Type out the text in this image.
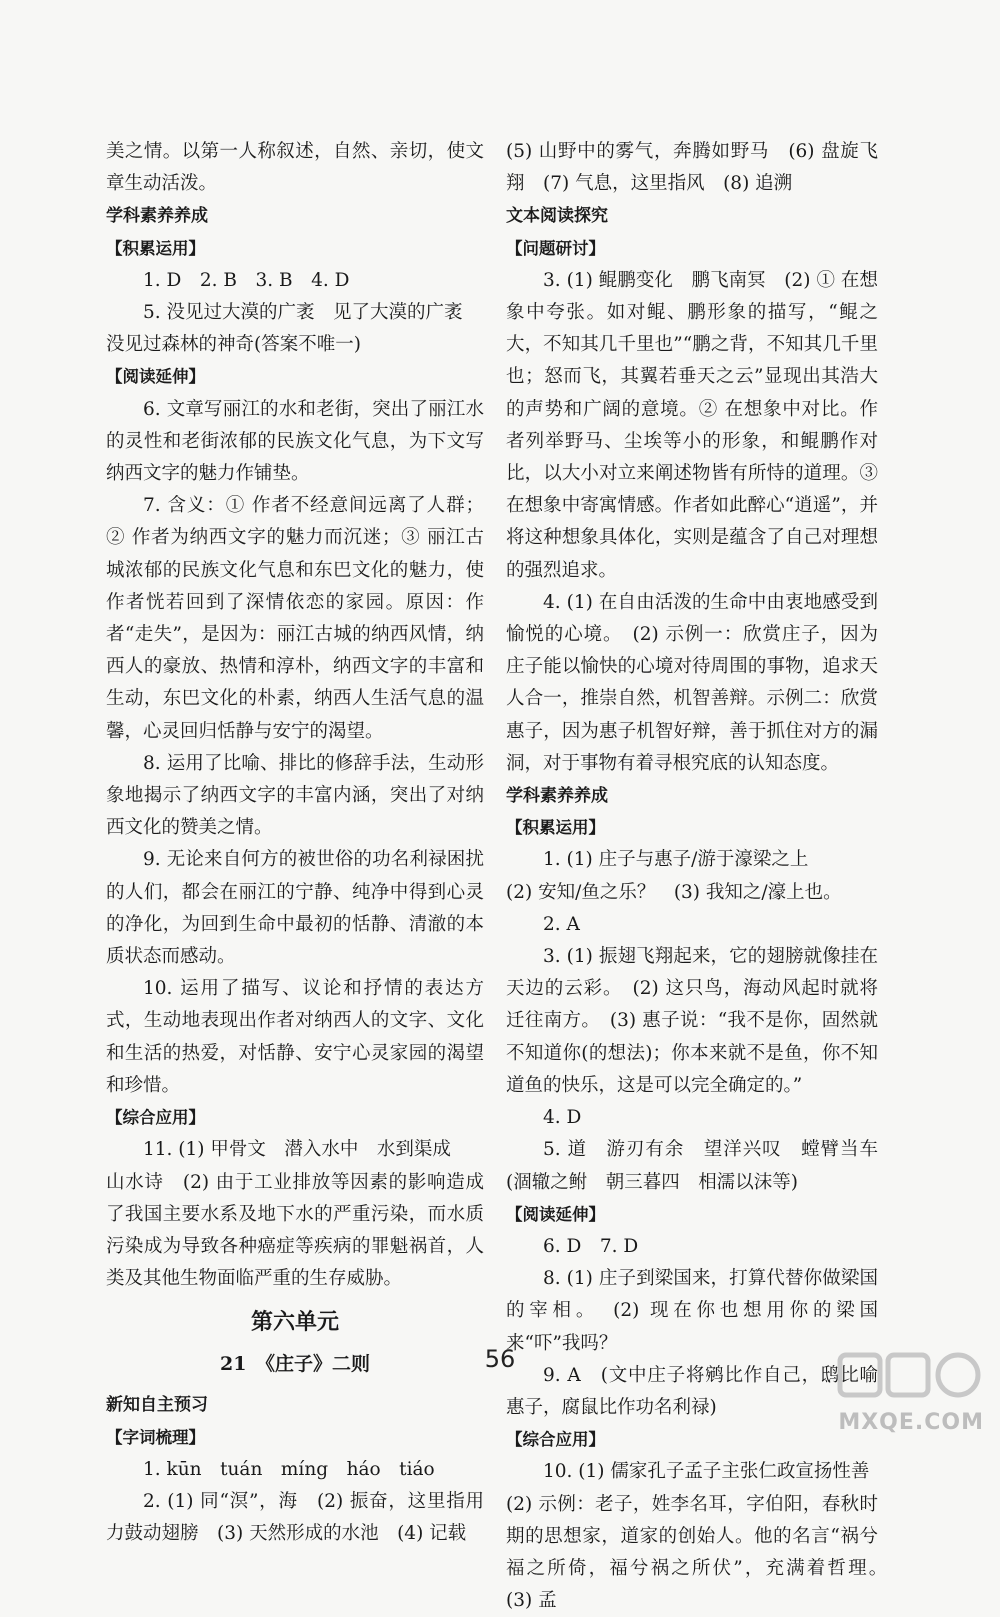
美之情。以第一人称叙述，自然、亲切，使文章生动活泼。
学科素养养成
【积累运用】
1. D　2. B　3. B　4. D
5. 没见过大漠的广袤　见了大漠的广袤
没见过森林的神奇(答案不唯一)
【阅读延伸】
6. 文章写丽江的水和老街，突出了丽江水的灵性和老街浓郁的民族文化气息，为下文写纳西文字的魅力作铺垫。
7. 含义：① 作者不经意间远离了人群；② 作者为纳西文字的魅力而沉迷；③ 丽江古城浓郁的民族文化气息和东巴文化的魅力，使作者恍若回到了深情依恋的家园。原因：作者“走失”，是因为：丽江古城的纳西风情，纳西人的豪放、热情和淳朴，纳西文字的丰富和生动，东巴文化的朴素，纳西人生活气息的温馨，心灵回归恬静与安宁的渴望。
8. 运用了比喻、排比的修辞手法，生动形象地揭示了纳西文字的丰富内涵，突出了对纳西文化的赞美之情。
9. 无论来自何方的被世俗的功名利禄困扰的人们，都会在丽江的宁静、纯净中得到心灵的净化，为回到生命中最初的恬静、清澈的本质状态而感动。
10. 运用了描写、议论和抒情的表达方式，生动地表现出作者对纳西人的文字、文化和生活的热爱，对恬静、安宁心灵家园的渴望和珍惜。
【综合应用】
11. (1) 甲骨文　潜入水中　水到渠成
山水诗　(2) 由于工业排放等因素的影响造成了我国主要水系及地下水的严重污染，而水质污染成为导致各种癌症等疾病的罪魁祸首，人类及其他生物面临严重的生存威胁。
第六单元
21　《庄子》二则
新知自主预习
【字词梳理】
1. kūn　tuán　míng　háo　tiáo
2. (1) 同“溟”，海　(2) 振奋，这里指用力鼓动翅膀　(3) 天然形成的水池　(4) 记载
(5) 山野中的雾气，奔腾如野马　(6) 盘旋飞翔　(7) 气息，这里指风　(8) 追溯
文本阅读探究
【问题研讨】
3. (1) 鲲鹏变化　鹏飞南冥　(2) ① 在想象中夸张。如对鲲、鹏形象的描写，“鲲之大，不知其几千里也”“鹏之背，不知其几千里也；怒而飞，其翼若垂天之云”显现出其浩大的声势和广阔的意境。② 在想象中对比。作者列举野马、尘埃等小的形象，和鲲鹏作对比，以大小对立来阐述物皆有所恃的道理。③ 在想象中寄寓情感。作者如此醉心“逍遥”，并将这种想象具体化，实则是蕴含了自己对理想的强烈追求。
4. (1) 在自由活泼的生命中由衷地感受到愉悦的心境。　(2) 示例一：欣赏庄子，因为庄子能以愉快的心境对待周围的事物，追求天人合一，推崇自然，机智善辩。示例二：欣赏惠子，因为惠子机智好辩，善于抓住对方的漏洞，对于事物有着寻根究底的认知态度。
学科素养养成
【积累运用】
1. (1) 庄子与惠子/游于濠梁之上
(2) 安知/鱼之乐？　(3) 我知之/濠上也。
2. A
3. (1) 振翅飞翔起来，它的翅膀就像挂在天边的云彩。　(2) 这只鸟，海动风起时就将迁往南方。　(3) 惠子说：“我不是你，固然就不知道你(的想法)；你本来就不是鱼，你不知道鱼的快乐，这是可以完全确定的。”
4. D
5. 道　游刃有余　望洋兴叹　螳臂当车(涸辙之鲋　朝三暮四　相濡以沫等)
【阅读延伸】
6. D　7. D
8. (1) 庄子到梁国来，打算代替你做梁国的宰相。　(2) 现在你也想用你的梁国来“吓”我吗？
9. A　(文中庄子将鹓比作自己，鸱比喻惠子，腐鼠比作功名利禄)
【综合应用】
10. (1) 儒家孔子孟子主张仁政宣扬性善
(2) 示例：老子，姓李名耳，字伯阳，春秋时期的思想家，道家的创始人。他的名言“祸兮福之所倚，福兮祸之所伏”，充满着哲理。　(3) 孟
56
MXQE.COM
